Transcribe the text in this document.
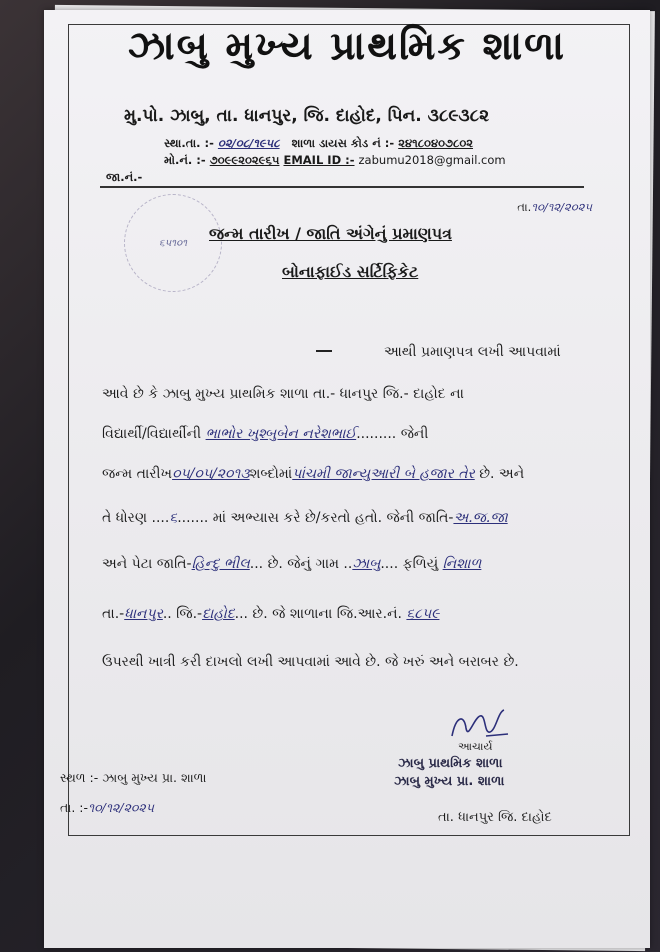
ઝાબુ મુખ્ય પ્રાથમિક શાળા
મુ.પો. ઝાબુ, તા. ધાનપુર, જિ. દાહોદ, પિન. ૩૮૯૩૮૨
સ્થા.તા. :- ૦૨/૦૮/૧૯૫૮ શાળા ડાયસ કોડ નં :- ૨૪૧૮૦૪૦૭૮૦૨
મો.નં. :- ૭૦૯૯૨૦૨૯૬૫ EMAIL ID :- zabumu2018@gmail.com
જા.નં.-
તા.૧૦/૧૨/૨૦૨૫
૬૫૧૦૧ જન્મ તારીખ / જાતિ અંગેનું પ્રમાણપત્ર
બોનાફાઈડ સર્ટિફિકેટ
આથી પ્રમાણપત્ર લખી આપવામાં
આવે છે કે ઝાબુ મુખ્ય પ્રાથમિક શાળા તા.- ધાનપુર જિ.- દાહોદ ના
વિદ્યાર્થી/વિદ્યાર્થીની ભાભોર ખુશ્બુબેન નરેશભાઈ......... જેની
જન્મ તારીખ૦૫/૦૫/૨૦૧૩શબ્દોમાંપાંચમી જાન્યુઆરી બે હજાર તેર છે. અને
તે ધોરણ ....૬....... માં અભ્યાસ કરે છે/કરતો હતો. જેની જાતિ-અ.જ.જા
અને પેટા જાતિ-હિન્દુ ભીલ... છે. જેનું ગામ ..ઝાબુ.... ફળિયું નિશાળ
તા.-ધાનપુર.. જિ.-દાહોદ... છે. જે શાળાના જિ.આર.નં. ૬૮૫૯
ઉપરથી ખાત્રી કરી દાખલો લખી આપવામાં આવે છે. જે ખરું અને બરાબર છે.
આચાર્ય
ઝાબુ પ્રાથમિક શાળા
ઝાબુ મુખ્ય પ્રા. શાળા
તા. ધાનપુર જિ. દાહોદ
સ્થળ :- ઝાબુ મુખ્ય પ્રા. શાળા
તા. :-૧૦/૧૨/૨૦૨૫
